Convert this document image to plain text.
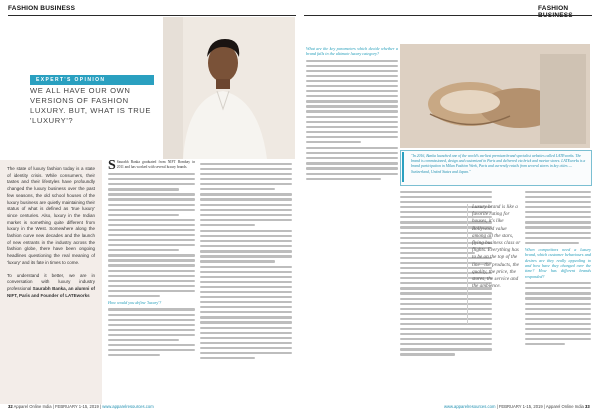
FASHION BUSINESS
EXPERT'S OPINION
WE ALL HAVE OUR OWN VERSIONS OF FASHION LUXURY. BUT, WHAT IS TRUE 'LUXURY'?

The state of luxury fashion today is a state of identity crisis. While consumers, their tastes and their lifestyles have profoundly changed the luxury business over the past few seasons, the old school houses of the luxury business are quietly maintaining their status of what is defined as 'true luxury' since centuries. Also, luxury in the Indian market is something quite different from luxury in the West. Somewhere along the fashion curve new decades and the launch of new entrants in the industry across the fashion globe, there have been ongoing headlines questioning the real meaning of 'luxury' and its fate in times to come.

To understand it better, we are in conversation with luxury industry professional Saurabh Banka, an alumni of NIFT, Paris and Founder of LATEworks

S Saurabh Banka graduated from NIFT Bombay in 2011 and has worked with several luxury brands.
How would you define 'luxury'?
32 Apparel Online India | FEBRUARY 1-15, 2019 | www.apparelresources.com
FASHION
What are the key parameters which decide whether a brand falls in the ultimate luxury category?
"In 2016, Banka launched one of the world's earliest premium brand specialist websites called LATEworks. The brand is commissioned, design and customized in Paris and delivered via brick and mortar stores. LATEworks is a brand participation in Milan Fashion Week, Paris and currently retails from several stores in key cities — Switzerland, United States and Japan."
Luxury brand is like a favorite rating for houses, it's like Bollywood value among all the stars, flying business class or flights. Everything has to be on the top of the line—the products, the quality, the price, the stores, the service and the ambience.
When competitors need a luxury brand, which customer behaviours and desires are they really appealing to and how have they changed over the time? How has different brands responded?
www.apparelresources.com | FEBRUARY 1-15, 2019 | Apparel Online India 33
